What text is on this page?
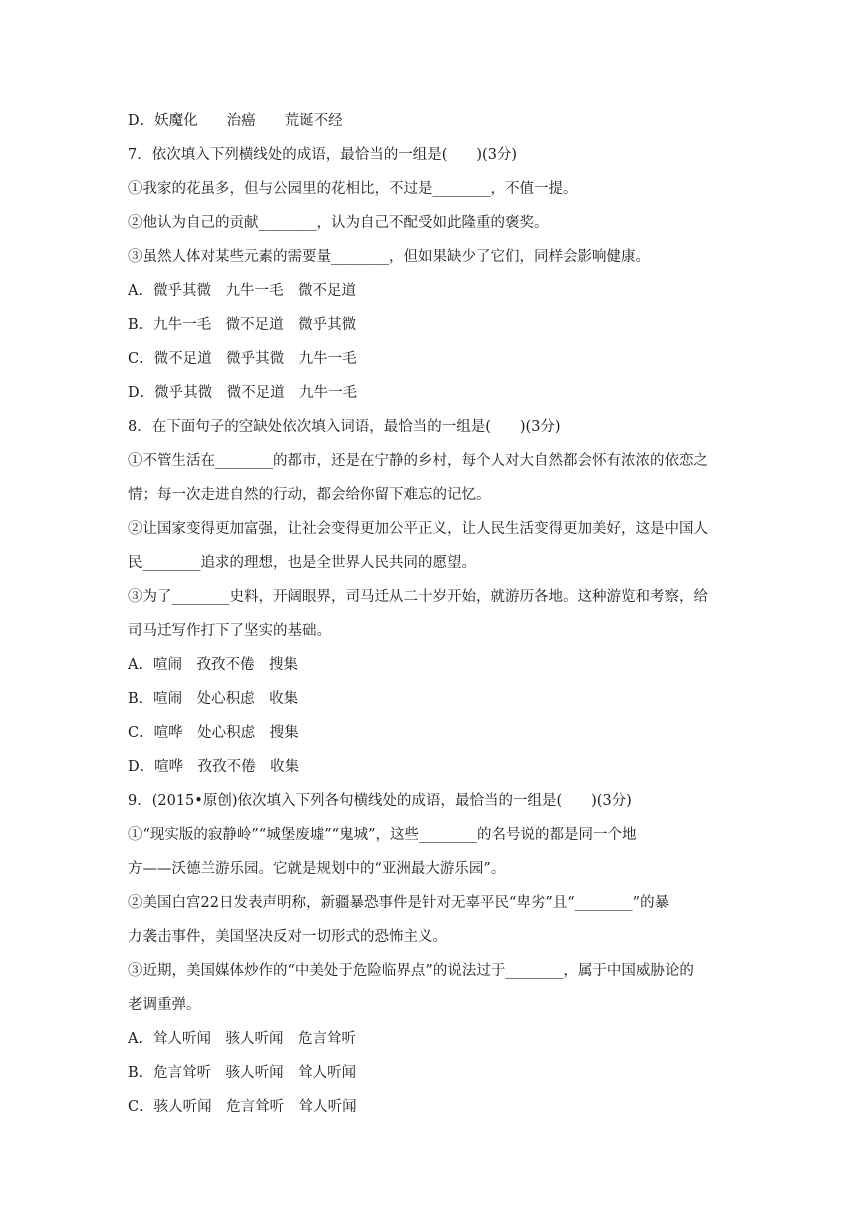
D．妖魔化　　治癌　　荒诞不经
7．依次填入下列横线处的成语，最恰当的一组是(　　)(3分)
①我家的花虽多，但与公园里的花相比，不过是________，不值一提。
②他认为自己的贡献________，认为自己不配受如此隆重的褒奖。
③虽然人体对某些元素的需要量________，但如果缺少了它们，同样会影响健康。
A．微乎其微　九牛一毛　微不足道
B．九牛一毛　微不足道　微乎其微
C．微不足道　微乎其微　九牛一毛
D．微乎其微　微不足道　九牛一毛
8．在下面句子的空缺处依次填入词语，最恰当的一组是(　　)(3分)
①不管生活在________的都市，还是在宁静的乡村，每个人对大自然都会怀有浓浓的依恋之
情；每一次走进自然的行动，都会给你留下难忘的记忆。
②让国家变得更加富强，让社会变得更加公平正义，让人民生活变得更加美好，这是中国人
民________追求的理想，也是全世界人民共同的愿望。
③为了________史料，开阔眼界，司马迁从二十岁开始，就游历各地。这种游览和考察，给
司马迁写作打下了坚实的基础。
A．喧闹　孜孜不倦　搜集
B．喧闹　处心积虑　收集
C．喧哗　处心积虑　搜集
D．喧哗　孜孜不倦　收集
9．(2015•原创)依次填入下列各句横线处的成语，最恰当的一组是(　　)(3分)
①“现实版的寂静岭”“城堡废墟”“鬼城”，这些________的名号说的都是同一个地
方——沃德兰游乐园。它就是规划中的“亚洲最大游乐园”。
②美国白宫22日发表声明称，新疆暴恐事件是针对无辜平民“卑劣”且“________”的暴
力袭击事件，美国坚决反对一切形式的恐怖主义。
③近期，美国媒体炒作的“中美处于危险临界点”的说法过于________，属于中国威胁论的
老调重弹。
A．耸人听闻　骇人听闻　危言耸听
B．危言耸听　骇人听闻　耸人听闻
C．骇人听闻　危言耸听　耸人听闻
